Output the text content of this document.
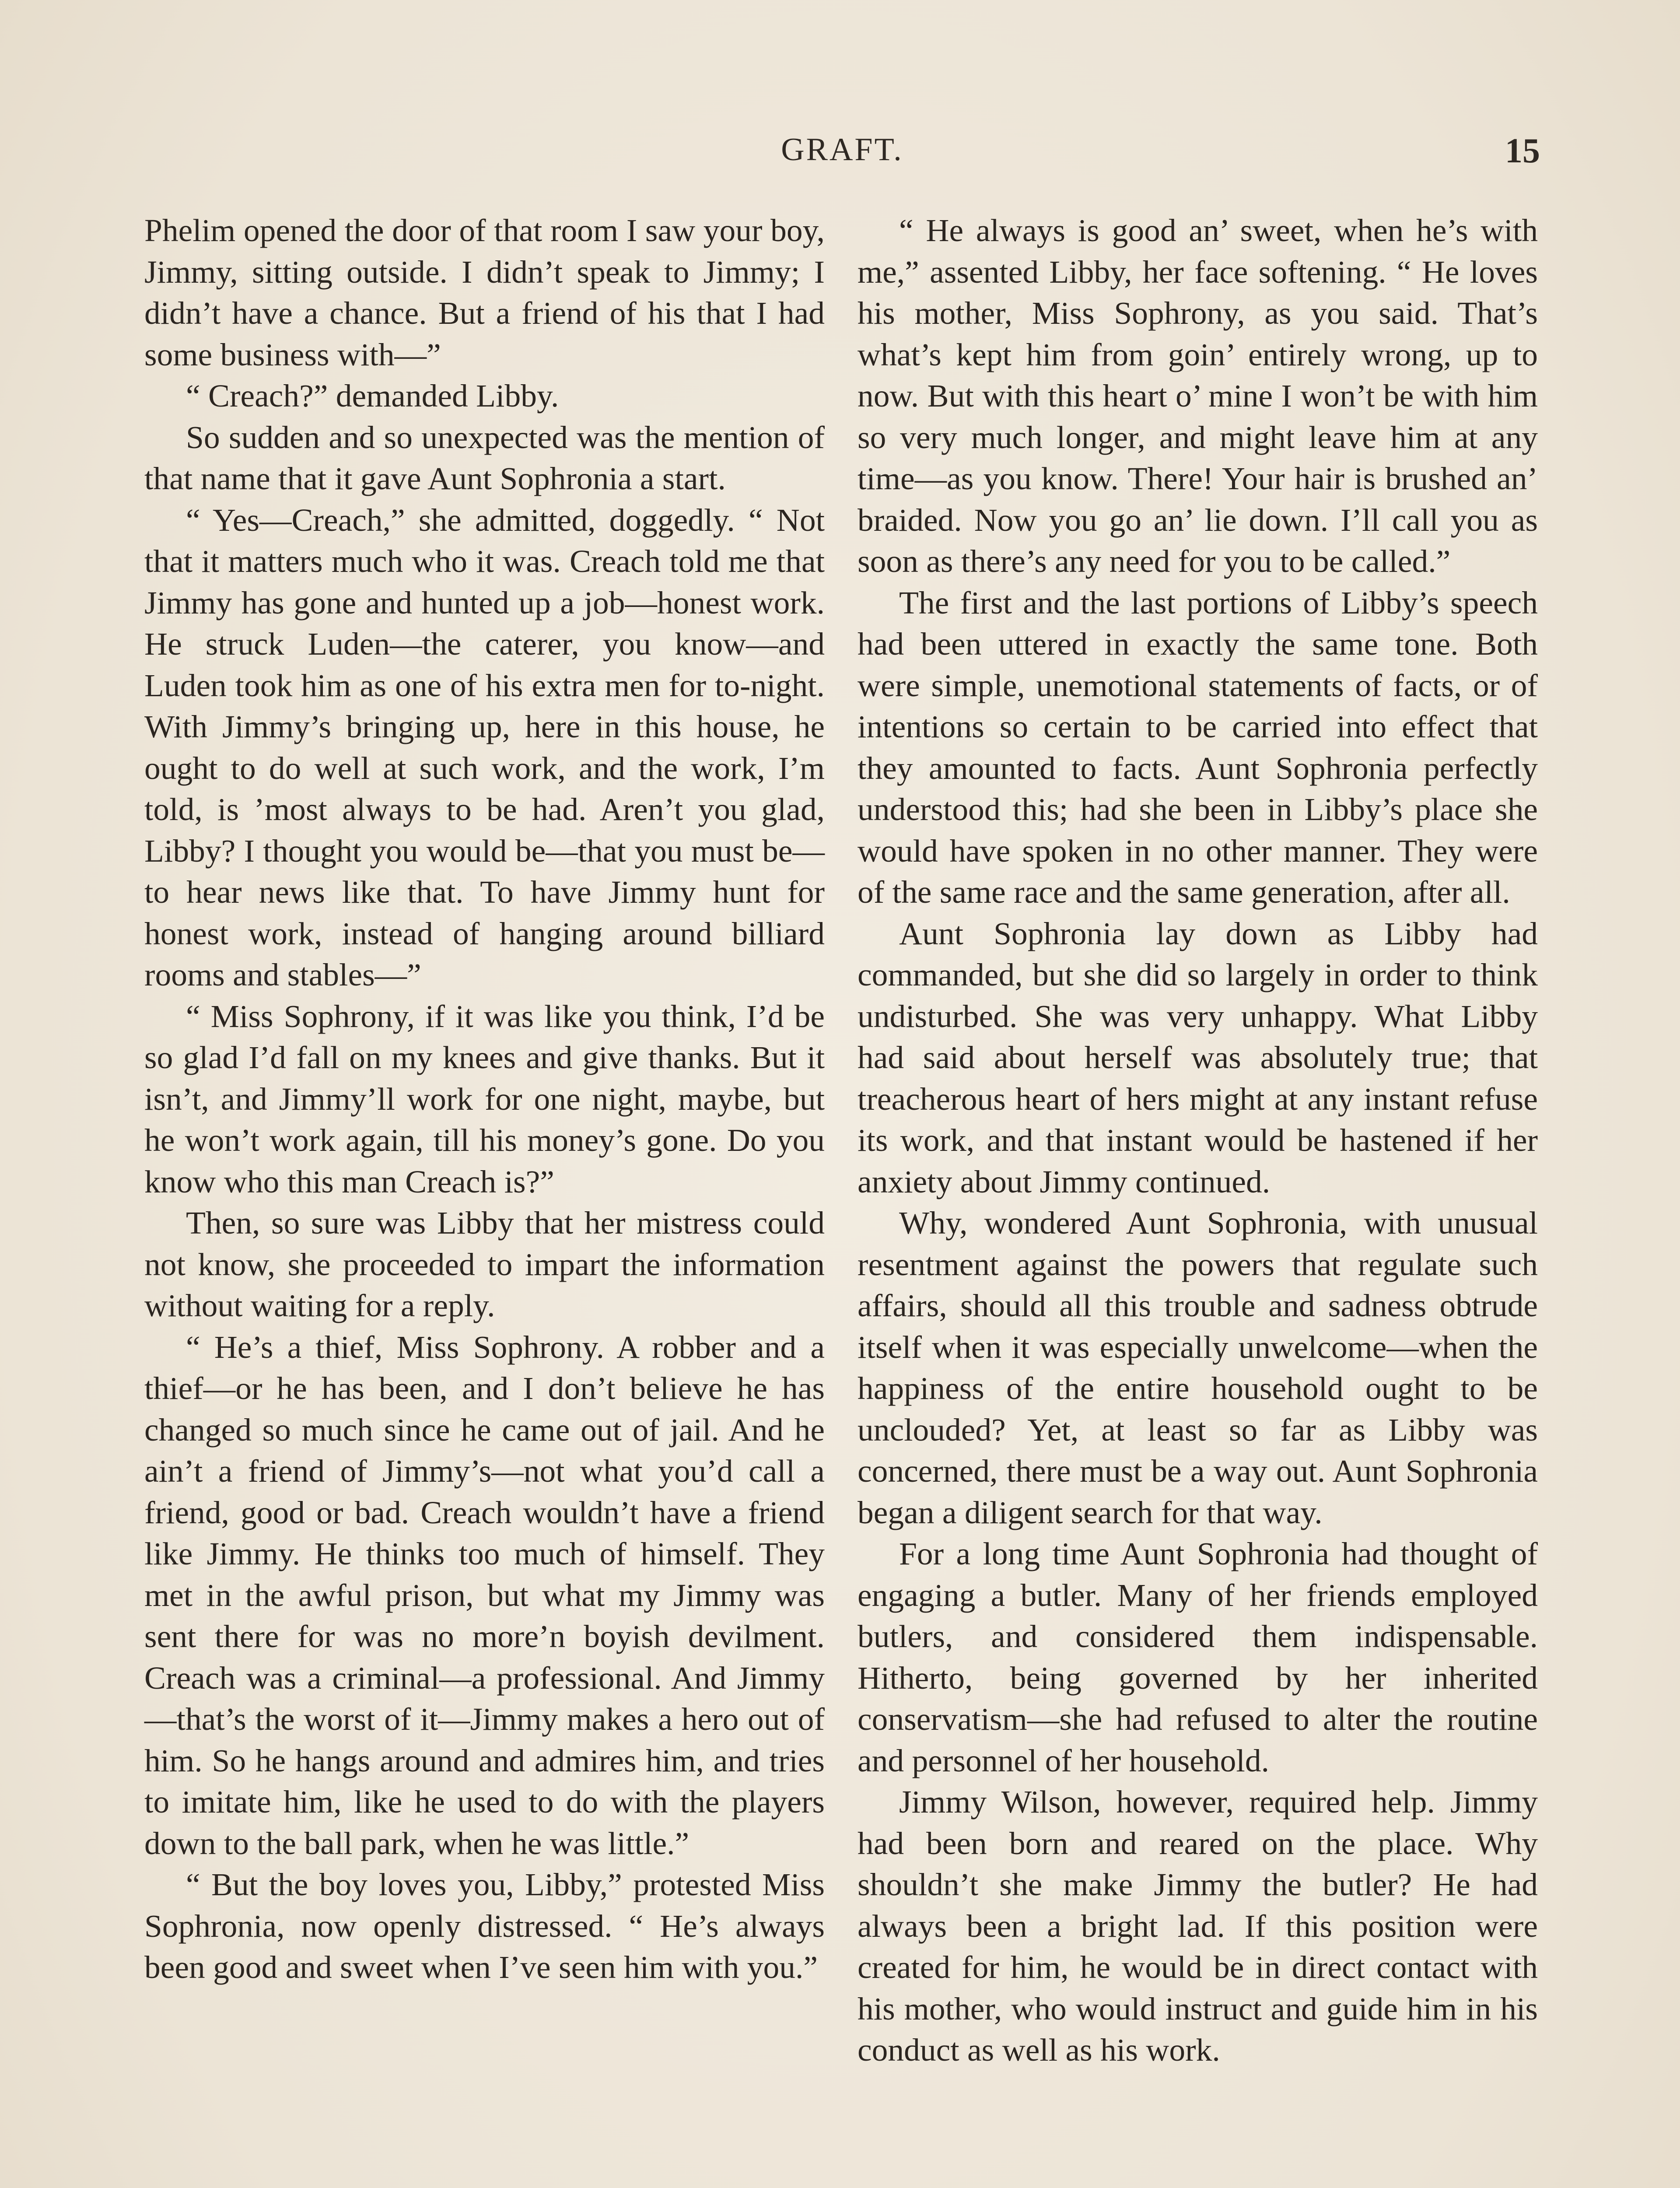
GRAFT.	15

Phelim opened the door of that room I saw your boy, Jimmy, sitting outside. I didn’t speak to Jimmy; I didn’t have a chance. But a friend of his that I had some business with—”

“ Creach?” demanded Libby.

So sudden and so unexpected was the mention of that name that it gave Aunt Sophronia a start.

“ Yes—Creach,” she admitted, doggedly. “ Not that it matters much who it was. Creach told me that Jimmy has gone and hunted up a job—honest work. He struck Luden—the caterer, you know—and Luden took him as one of his extra men for to-night. With Jimmy’s bringing up, here in this house, he ought to do well at such work, and the work, I’m told, is ’most always to be had. Aren’t you glad, Libby? I thought you would be—that you must be—to hear news like that. To have Jimmy hunt for honest work, instead of hanging around billiard rooms and stables—”

“ Miss Sophrony, if it was like you think, I’d be so glad I’d fall on my knees and give thanks. But it isn’t, and Jimmy’ll work for one night, maybe, but he won’t work again, till his money’s gone. Do you know who this man Creach is?”

Then, so sure was Libby that her mistress could not know, she proceeded to impart the information without waiting for a reply.

“ He’s a thief, Miss Sophrony. A robber and a thief—or he has been, and I don’t believe he has changed so much since he came out of jail. And he ain’t a friend of Jimmy’s—not what you’d call a friend, good or bad. Creach wouldn’t have a friend like Jimmy. He thinks too much of himself. They met in the awful prison, but what my Jimmy was sent there for was no more’n boyish devilment. Creach was a criminal—a professional. And Jimmy—that’s the worst of it—Jimmy makes a hero out of him. So he hangs around and admires him, and tries to imitate him, like he used to do with the players down to the ball park, when he was little.”

“ But the boy loves you, Libby,” protested Miss Sophronia, now openly distressed. “ He’s always been good and sweet when I’ve seen him with you.”

“ He always is good an’ sweet, when he’s with me,” assented Libby, her face softening. “ He loves his mother, Miss Sophrony, as you said. That’s what’s kept him from goin’ entirely wrong, up to now. But with this heart o’ mine I won’t be with him so very much longer, and might leave him at any time—as you know. There! Your hair is brushed an’ braided. Now you go an’ lie down. I’ll call you as soon as there’s any need for you to be called.”

The first and the last portions of Libby’s speech had been uttered in exactly the same tone. Both were simple, unemotional statements of facts, or of intentions so certain to be carried into effect that they amounted to facts. Aunt Sophronia perfectly understood this; had she been in Libby’s place she would have spoken in no other manner. They were of the same race and the same generation, after all.

Aunt Sophronia lay down as Libby had commanded, but she did so largely in order to think undisturbed. She was very unhappy. What Libby had said about herself was absolutely true; that treacherous heart of hers might at any instant refuse its work, and that instant would be hastened if her anxiety about Jimmy continued.

Why, wondered Aunt Sophronia, with unusual resentment against the powers that regulate such affairs, should all this trouble and sadness obtrude itself when it was especially unwelcome—when the happiness of the entire household ought to be unclouded? Yet, at least so far as Libby was concerned, there must be a way out. Aunt Sophronia began a diligent search for that way.

For a long time Aunt Sophronia had thought of engaging a butler. Many of her friends employed butlers, and considered them indispensable. Hitherto, being governed by her inherited conservatism—she had refused to alter the routine and personnel of her household.

Jimmy Wilson, however, required help. Jimmy had been born and reared on the place. Why shouldn’t she make Jimmy the butler? He had always been a bright lad. If this position were created for him, he would be in direct contact with his mother, who would instruct and guide him in his conduct as well as his work.
